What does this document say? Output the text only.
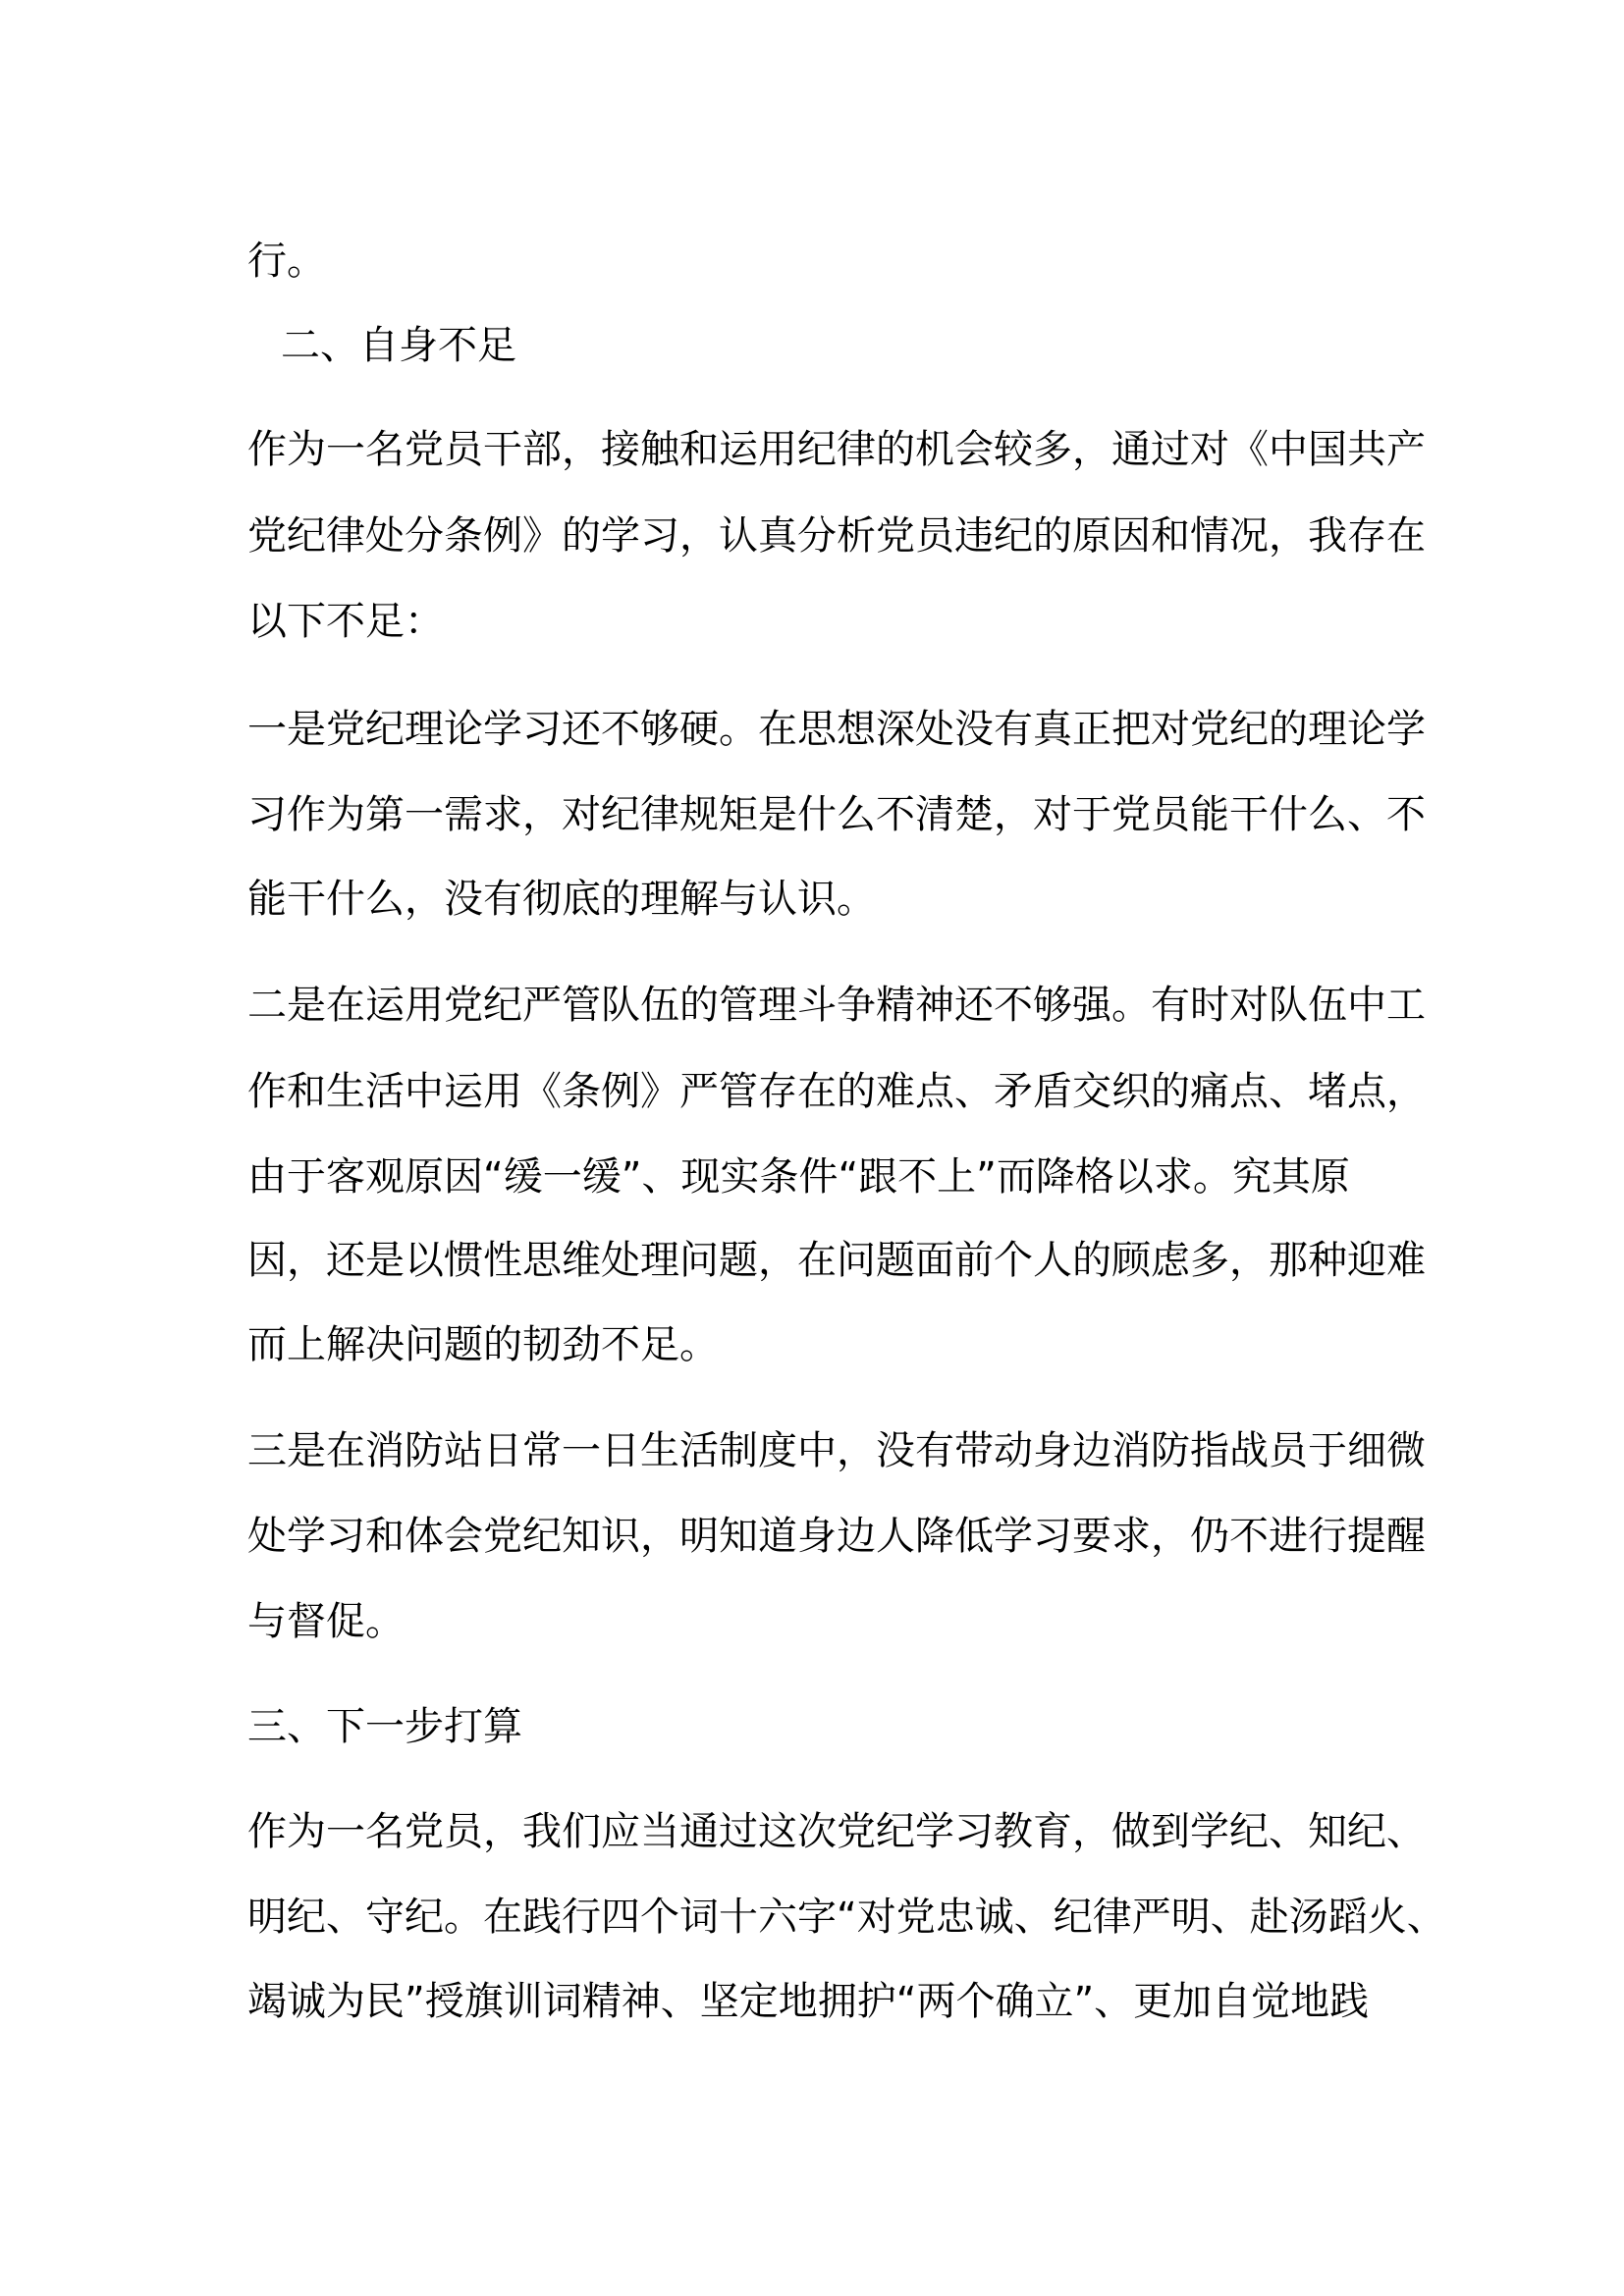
行。
二、自身不足
作为一名党员干部，接触和运用纪律的机会较多，通过对《中国共产
党纪律处分条例》的学习，认真分析党员违纪的原因和情况，我存在
以下不足：
一是党纪理论学习还不够硬。在思想深处没有真正把对党纪的理论学
习作为第一需求，对纪律规矩是什么不清楚，对于党员能干什么、不
能干什么，没有彻底的理解与认识。
二是在运用党纪严管队伍的管理斗争精神还不够强。有时对队伍中工
作和生活中运用《条例》严管存在的难点、矛盾交织的痛点、堵点，
由于客观原因“缓一缓”、现实条件“跟不上”而降格以求。究其原
因，还是以惯性思维处理问题，在问题面前个人的顾虑多，那种迎难
而上解决问题的韧劲不足。
三是在消防站日常一日生活制度中，没有带动身边消防指战员于细微
处学习和体会党纪知识，明知道身边人降低学习要求，仍不进行提醒
与督促。
三、下一步打算
作为一名党员，我们应当通过这次党纪学习教育，做到学纪、知纪、
明纪、守纪。在践行四个词十六字“对党忠诚、纪律严明、赴汤蹈火、
竭诚为民”授旗训词精神、坚定地拥护“两个确立”、更加自觉地践
